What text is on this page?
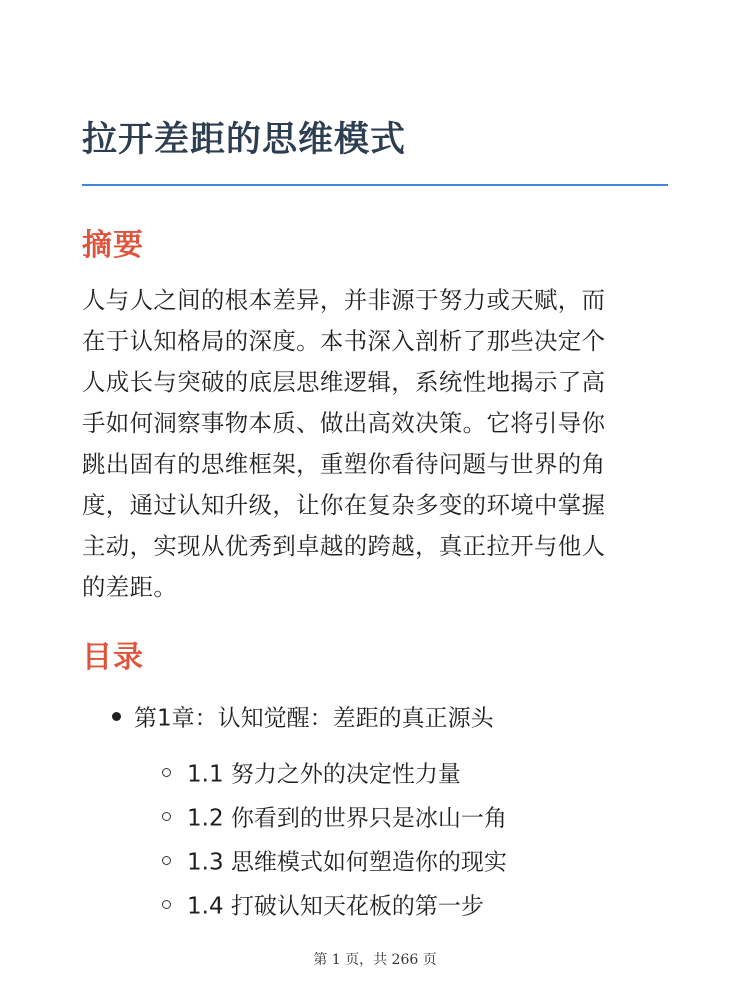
拉开差距的思维模式
摘要
人与人之间的根本差异，并非源于努力或天赋，而
在于认知格局的深度。本书深入剖析了那些决定个
人成长与突破的底层思维逻辑，系统性地揭示了高
手如何洞察事物本质、做出高效决策。它将引导你
跳出固有的思维框架，重塑你看待问题与世界的角
度，通过认知升级，让你在复杂多变的环境中掌握
主动，实现从优秀到卓越的跨越，真正拉开与他人
的差距。
目录
第1章：认知觉醒：差距的真正源头
1.1 努力之外的决定性力量
1.2 你看到的世界只是冰山一角
1.3 思维模式如何塑造你的现实
1.4 打破认知天花板的第一步
第 1 页，共 266 页
